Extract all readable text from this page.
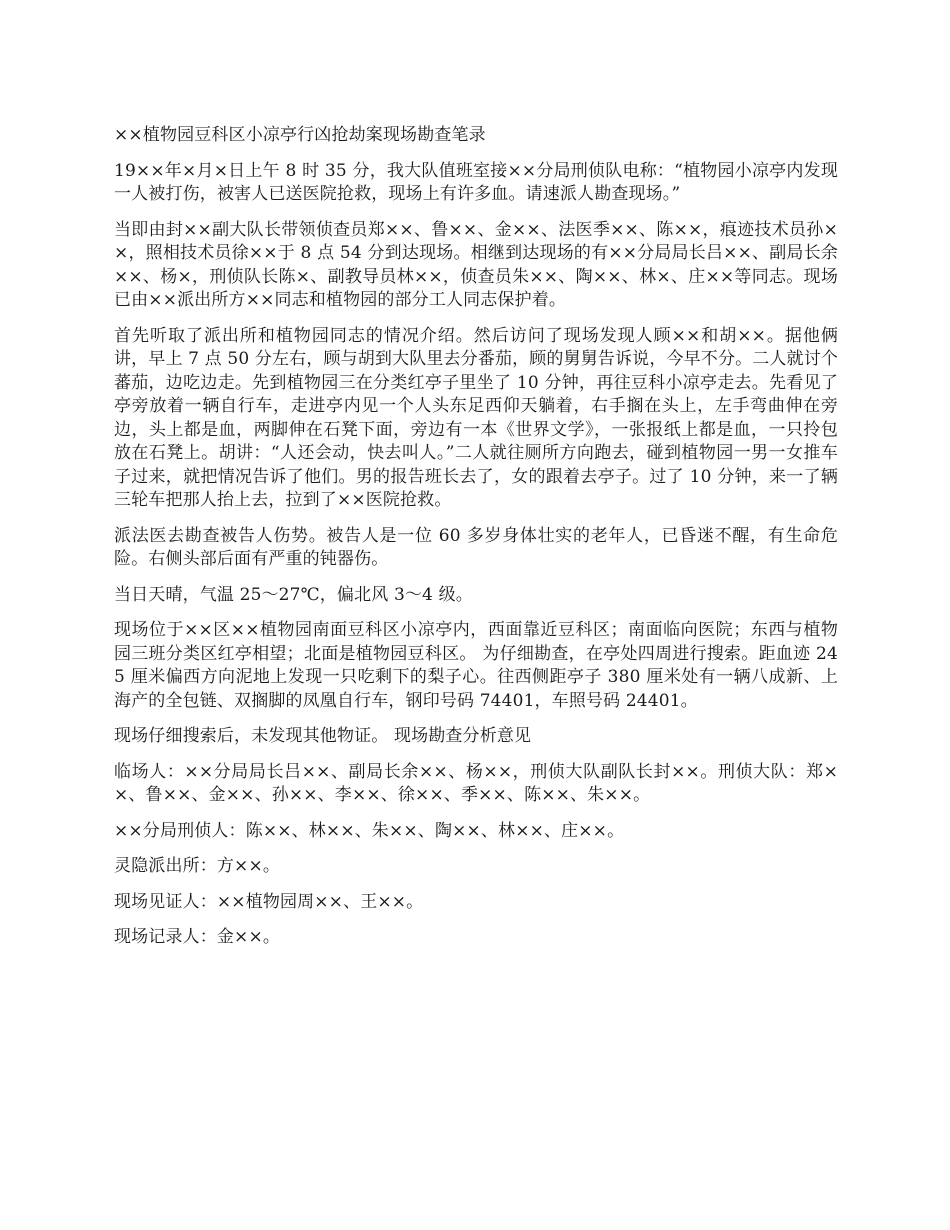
××植物园豆科区小凉亭行凶抢劫案现场勘查笔录

19××年×月×日上午 8 时 35 分，我大队值班室接××分局刑侦队电称：“植物园小凉亭内发现一人被打伤，被害人已送医院抢救，现场上有许多血。请速派人勘查现场。”

当即由封××副大队长带领侦查员郑××、鲁××、金××、法医季××、陈××，痕迹技术员孙××，照相技术员徐××于 8 点 54 分到达现场。相继到达现场的有××分局局长吕××、副局长余××、杨×，刑侦队长陈×、副教导员林××，侦查员朱××、陶××、林×、庄××等同志。现场已由××派出所方××同志和植物园的部分工人同志保护着。

首先听取了派出所和植物园同志的情况介绍。然后访问了现场发现人顾××和胡××。据他俩讲，早上 7 点 50 分左右，顾与胡到大队里去分番茄，顾的舅舅告诉说，今早不分。二人就讨个蕃茄，边吃边走。先到植物园三在分类红亭子里坐了 10 分钟，再往豆科小凉亭走去。先看见了亭旁放着一辆自行车，走进亭内见一个人头东足西仰天躺着，右手搁在头上，左手弯曲伸在旁边，头上都是血，两脚伸在石凳下面，旁边有一本《世界文学》，一张报纸上都是血，一只拎包放在石凳上。胡讲：“人还会动，快去叫人。”二人就往厕所方向跑去，碰到植物园一男一女推车子过来，就把情况告诉了他们。男的报告班长去了，女的跟着去亭子。过了 10 分钟，来一了辆三轮车把那人抬上去，拉到了××医院抢救。

派法医去勘查被告人伤势。被告人是一位 60 多岁身体壮实的老年人，已昏迷不醒，有生命危险。右侧头部后面有严重的钝器伤。

当日天晴，气温 25～27℃，偏北风 3～4 级。

现场位于××区××植物园南面豆科区小凉亭内，西面靠近豆科区；南面临向医院；东西与植物园三班分类区红亭相望；北面是植物园豆科区。 为仔细勘查，在亭处四周进行搜索。距血迹 245 厘米偏西方向泥地上发现一只吃剩下的梨子心。往西侧距亭子 380 厘米处有一辆八成新、上海产的全包链、双搁脚的凤凰自行车，钢印号码 74401，车照号码 24401。

现场仔细搜索后，未发现其他物证。 现场勘查分析意见

临场人：××分局局长吕××、副局长余××、杨××，刑侦大队副队长封××。刑侦大队：郑××、鲁××、金××、孙××、李××、徐××、季××、陈××、朱××。

××分局刑侦人：陈××、林××、朱××、陶××、林××、庄××。

灵隐派出所：方××。

现场见证人：××植物园周××、王××。

现场记录人：金××。
